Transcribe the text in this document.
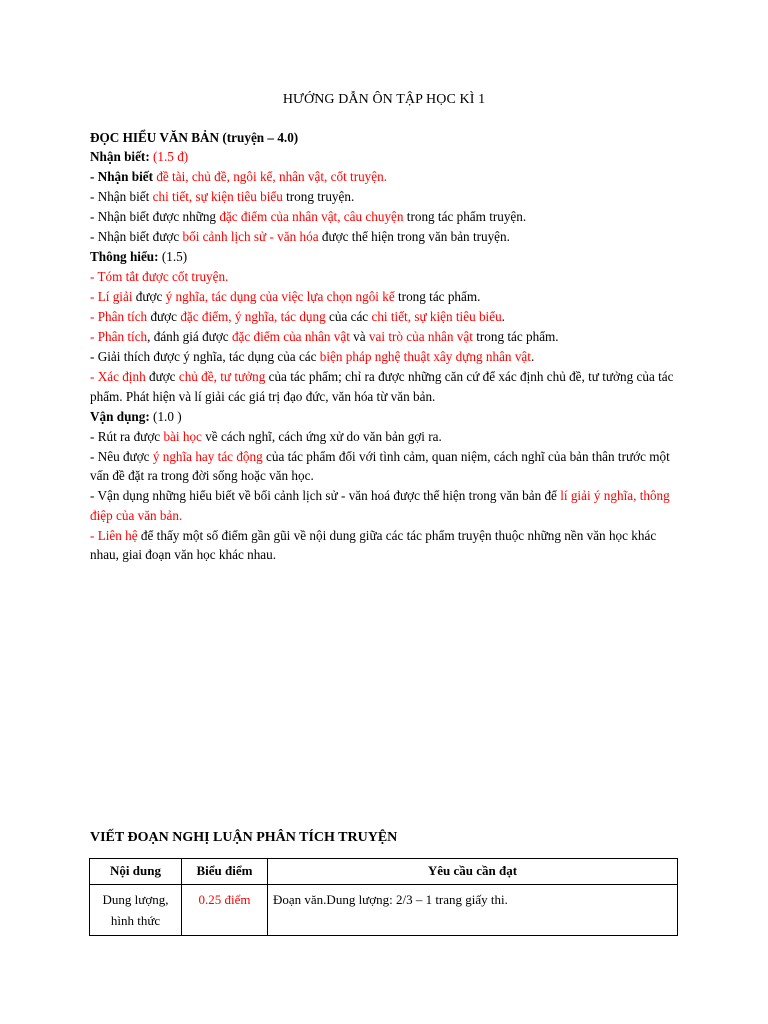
HƯỚNG DẪN ÔN TẬP HỌC KÌ 1

ĐỌC HIỂU VĂN BẢN (truyện – 4.0)

Nhận biết: (1.5 đ)

- Nhận biết đề tài, chủ đề, ngôi kể, nhân vật, cốt truyện.

- Nhận biết chi tiết, sự kiện tiêu biểu trong truyện.

- Nhận biết được những đặc điểm của nhân vật, câu chuyện trong tác phẩm truyện.

- Nhận biết được bối cảnh lịch sử - văn hóa được thể hiện trong văn bản truyện.

Thông hiểu: (1.5)

- Tóm tắt được cốt truyện.

- Lí giải được ý nghĩa, tác dụng của việc lựa chọn ngôi kể trong tác phẩm.

- Phân tích được đặc điểm, ý nghĩa, tác dụng của các chi tiết, sự kiện tiêu biểu.

- Phân tích, đánh giá được đặc điểm của nhân vật và vai trò của nhân vật trong tác phẩm.

- Giải thích được ý nghĩa, tác dụng của các biện pháp nghệ thuật xây dựng nhân vật.

- Xác định được chủ đề, tư tưởng của tác phẩm; chỉ ra được những căn cứ để xác định chủ đề, tư tưởng của tác phẩm. Phát hiện và lí giải các giá trị đạo đức, văn hóa từ văn bản.

Vận dụng: (1.0 )

- Rút ra được bài học về cách nghĩ, cách ứng xử do văn bản gợi ra.

- Nêu được ý nghĩa hay tác động của tác phẩm đối với tình cảm, quan niệm, cách nghĩ của bản thân trước một vấn đề đặt ra trong đời sống hoặc văn học.

- Vận dụng những hiểu biết về bối cảnh lịch sử - văn hoá được thể hiện trong văn bản để lí giải ý nghĩa, thông điệp của văn bản.

- Liên hệ để thấy một số điểm gần gũi về nội dung giữa các tác phẩm truyện thuộc những nền văn học khác nhau, giai đoạn văn học khác nhau.

VIẾT ĐOẠN NGHỊ LUẬN PHÂN TÍCH TRUYỆN
Nội dung	Biểu điểm	Yêu cầu cần đạt
Dung lượng, hình thức	0.25 điểm	Đoạn văn.Dung lượng: 2/3 – 1 trang giấy thi.
